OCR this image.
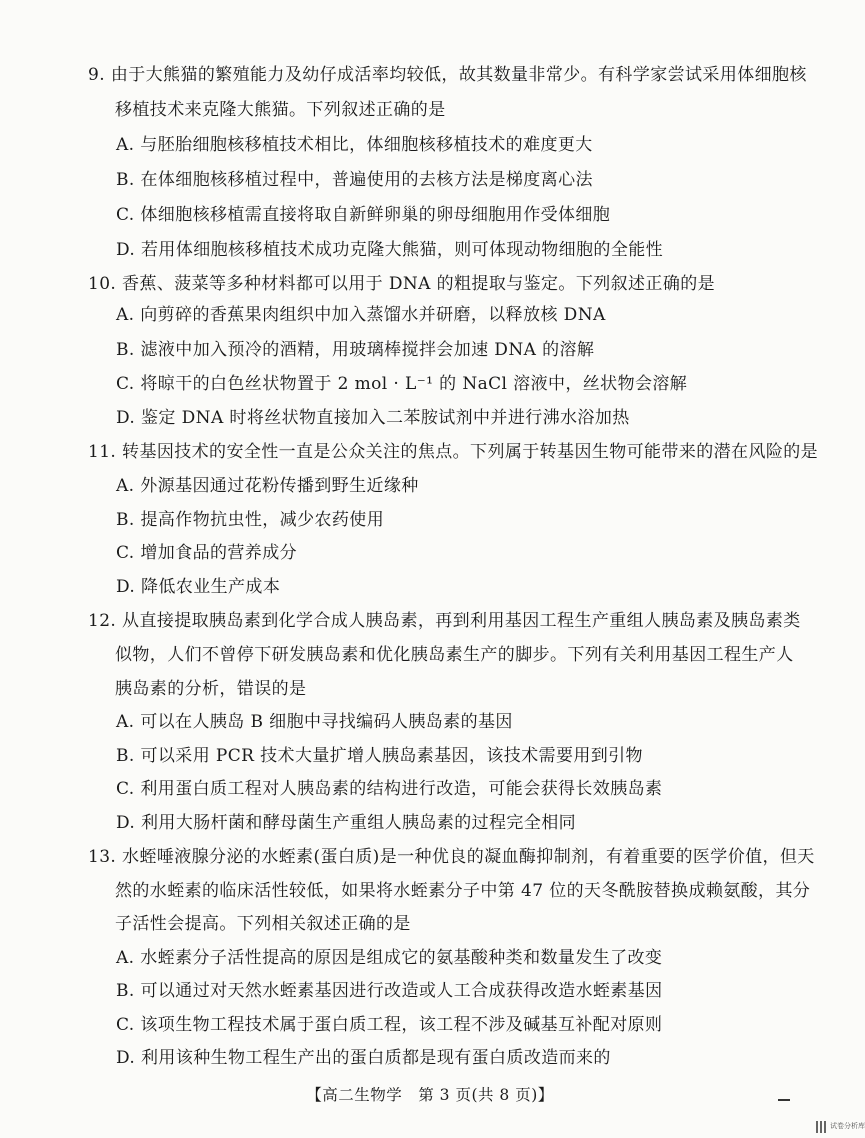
9. 由于大熊猫的繁殖能力及幼仔成活率均较低，故其数量非常少。有科学家尝试采用体细胞核
移植技术来克隆大熊猫。下列叙述正确的是
A. 与胚胎细胞核移植技术相比，体细胞核移植技术的难度更大
B. 在体细胞核移植过程中，普遍使用的去核方法是梯度离心法
C. 体细胞核移植需直接将取自新鲜卵巢的卵母细胞用作受体细胞
D. 若用体细胞核移植技术成功克隆大熊猫，则可体现动物细胞的全能性
10. 香蕉、菠菜等多种材料都可以用于 DNA 的粗提取与鉴定。下列叙述正确的是
A. 向剪碎的香蕉果肉组织中加入蒸馏水并研磨，以释放核 DNA
B. 滤液中加入预冷的酒精，用玻璃棒搅拌会加速 DNA 的溶解
C. 将晾干的白色丝状物置于 2 mol · L⁻¹ 的 NaCl 溶液中，丝状物会溶解
D. 鉴定 DNA 时将丝状物直接加入二苯胺试剂中并进行沸水浴加热
11. 转基因技术的安全性一直是公众关注的焦点。下列属于转基因生物可能带来的潜在风险的是
A. 外源基因通过花粉传播到野生近缘种
B. 提高作物抗虫性，减少农药使用
C. 增加食品的营养成分
D. 降低农业生产成本
12. 从直接提取胰岛素到化学合成人胰岛素，再到利用基因工程生产重组人胰岛素及胰岛素类
似物，人们不曾停下研发胰岛素和优化胰岛素生产的脚步。下列有关利用基因工程生产人
胰岛素的分析，错误的是
A. 可以在人胰岛 B 细胞中寻找编码人胰岛素的基因
B. 可以采用 PCR 技术大量扩增人胰岛素基因，该技术需要用到引物
C. 利用蛋白质工程对人胰岛素的结构进行改造，可能会获得长效胰岛素
D. 利用大肠杆菌和酵母菌生产重组人胰岛素的过程完全相同
13. 水蛭唾液腺分泌的水蛭素(蛋白质)是一种优良的凝血酶抑制剂，有着重要的医学价值，但天
然的水蛭素的临床活性较低，如果将水蛭素分子中第 47 位的天冬酰胺替换成赖氨酸，其分
子活性会提高。下列相关叙述正确的是
A. 水蛭素分子活性提高的原因是组成它的氨基酸种类和数量发生了改变
B. 可以通过对天然水蛭素基因进行改造或人工合成获得改造水蛭素基因
C. 该项生物工程技术属于蛋白质工程，该工程不涉及碱基互补配对原则
D. 利用该种生物工程生产出的蛋白质都是现有蛋白质改造而来的
【高二生物学　第 3 页(共 8 页)】
试卷分析库
